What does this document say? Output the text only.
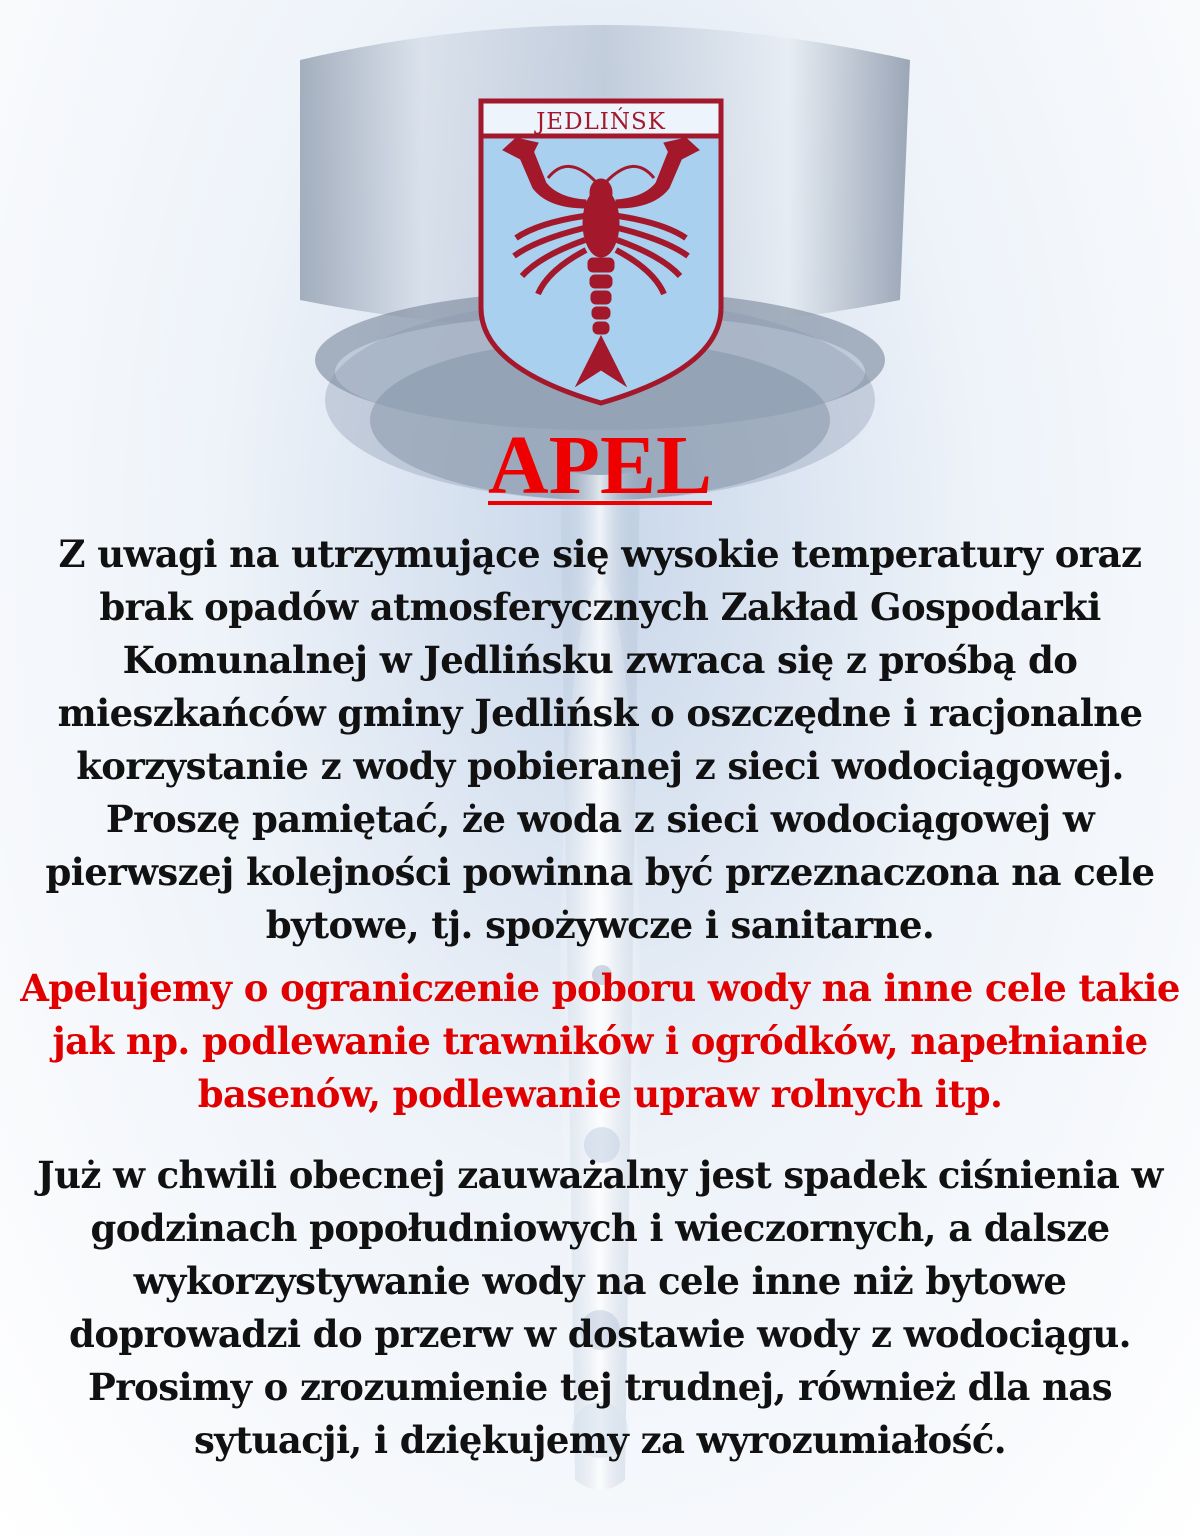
JEDLIŃSK
APEL

Z uwagi na utrzymujące się wysokie temperatury oraz brak opadów atmosferycznych Zakład Gospodarki Komunalnej w Jedlińsku zwraca się z prośbą do mieszkańców gminy Jedlińsk o oszczędne i racjonalne korzystanie z wody pobieranej z sieci wodociągowej. Proszę pamiętać, że woda z sieci wodociągowej w pierwszej kolejności powinna być przeznaczona na cele bytowe, tj. spożywcze i sanitarne.

Apelujemy o ograniczenie poboru wody na inne cele takie jak np. podlewanie trawników i ogródków, napełnianie basenów, podlewanie upraw rolnych itp.

Już w chwili obecnej zauważalny jest spadek ciśnienia w godzinach popołudniowych i wieczornych, a dalsze wykorzystywanie wody na cele inne niż bytowe doprowadzi do przerw w dostawie wody z wodociągu. Prosimy o zrozumienie tej trudnej, również dla nas sytuacji, i dziękujemy za wyrozumiałość.
